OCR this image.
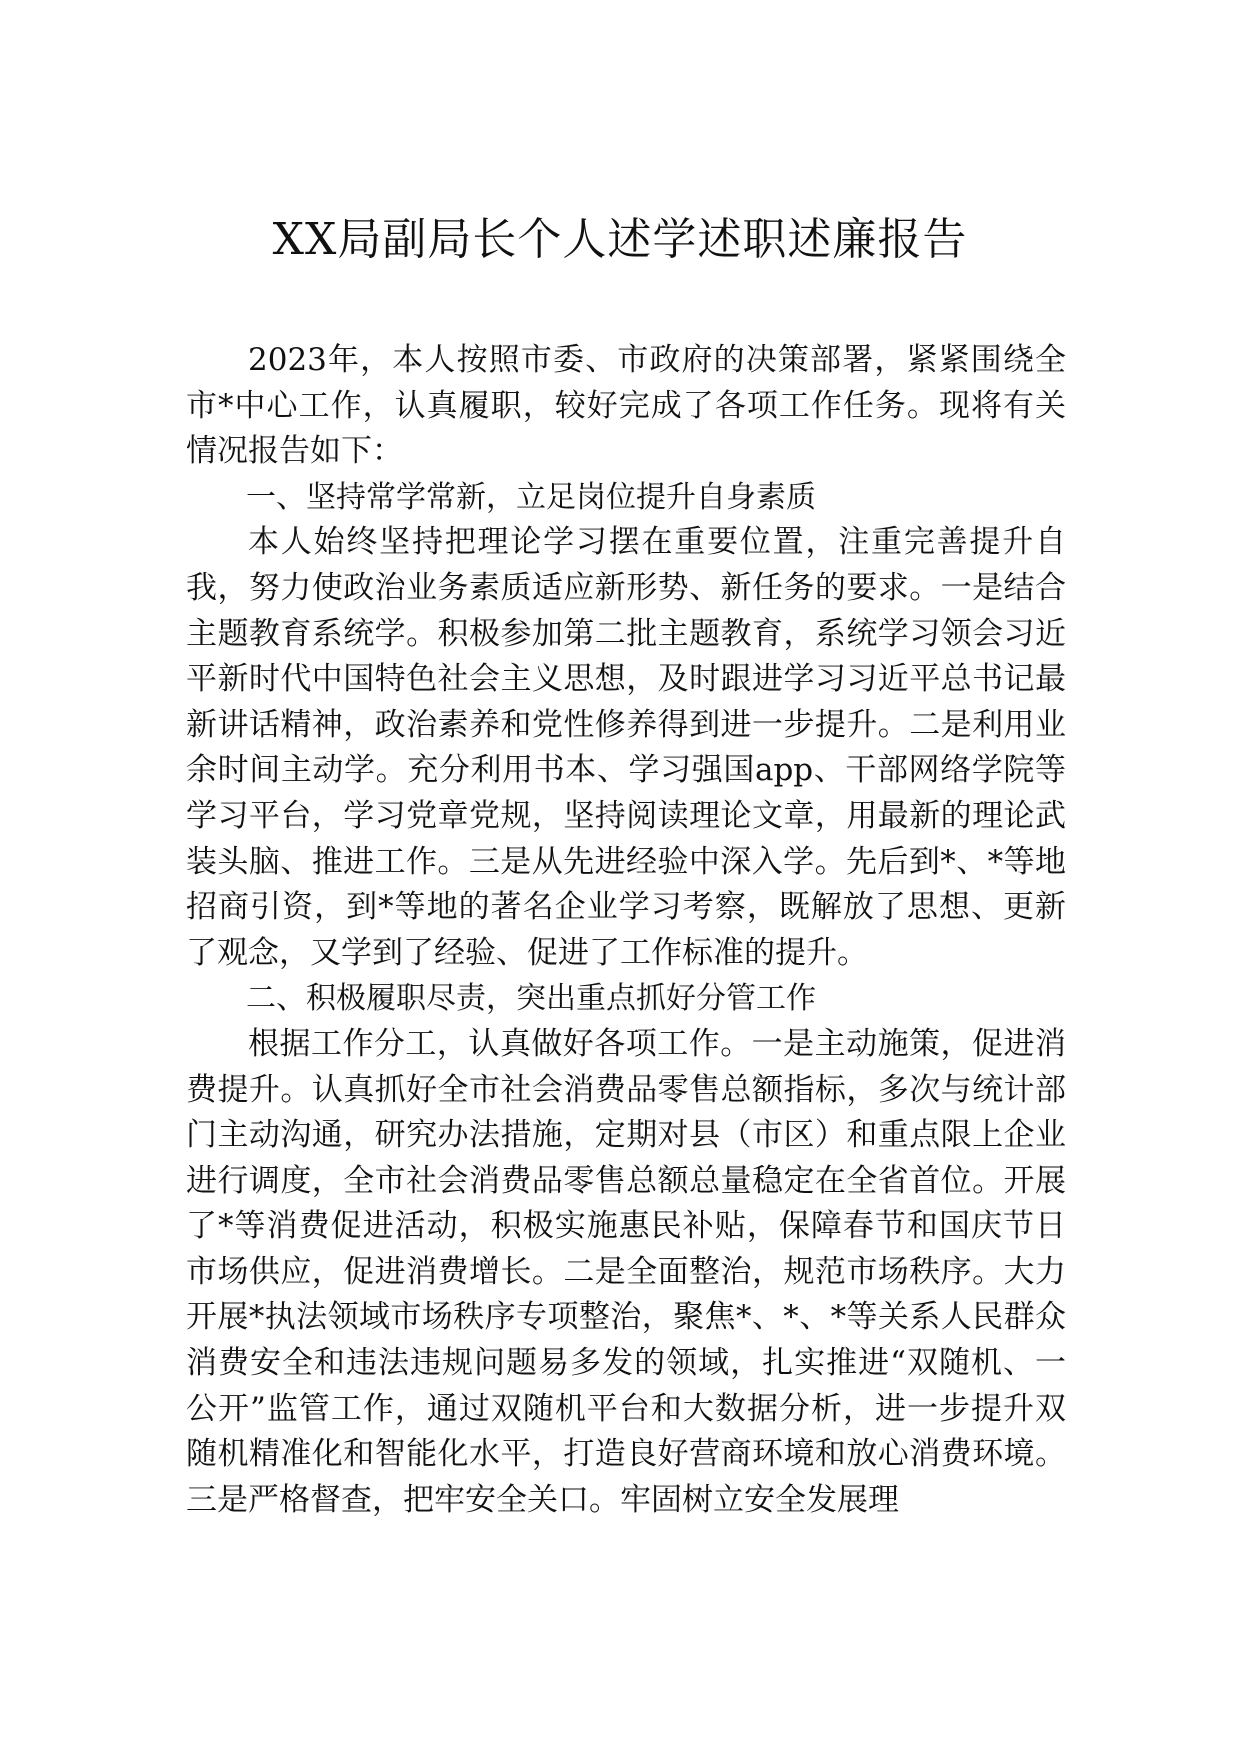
XX局副局长个人述学述职述廉报告

2023年，本人按照市委、市政府的决策部署，紧紧围绕全市*中心工作，认真履职，较好完成了各项工作任务。现将有关情况报告如下：

一、坚持常学常新，立足岗位提升自身素质

本人始终坚持把理论学习摆在重要位置，注重完善提升自我，努力使政治业务素质适应新形势、新任务的要求。一是结合主题教育系统学。积极参加第二批主题教育，系统学习领会习近平新时代中国特色社会主义思想，及时跟进学习习近平总书记最新讲话精神，政治素养和党性修养得到进一步提升。二是利用业余时间主动学。充分利用书本、学习强国app、干部网络学院等学习平台，学习党章党规，坚持阅读理论文章，用最新的理论武装头脑、推进工作。三是从先进经验中深入学。先后到*、*等地招商引资，到*等地的著名企业学习考察，既解放了思想、更新了观念，又学到了经验、促进了工作标准的提升。

二、积极履职尽责，突出重点抓好分管工作

根据工作分工，认真做好各项工作。一是主动施策，促进消费提升。认真抓好全市社会消费品零售总额指标，多次与统计部门主动沟通，研究办法措施，定期对县（市区）和重点限上企业进行调度，全市社会消费品零售总额总量稳定在全省首位。开展了*等消费促进活动，积极实施惠民补贴，保障春节和国庆节日市场供应，促进消费增长。二是全面整治，规范市场秩序。大力开展*执法领域市场秩序专项整治，聚焦*、*、*等关系人民群众消费安全和违法违规问题易多发的领域，扎实推进“双随机、一公开”监管工作，通过双随机平台和大数据分析，进一步提升双随机精准化和智能化水平，打造良好营商环境和放心消费环境。三是严格督查，把牢安全关口。牢固树立安全发展理
